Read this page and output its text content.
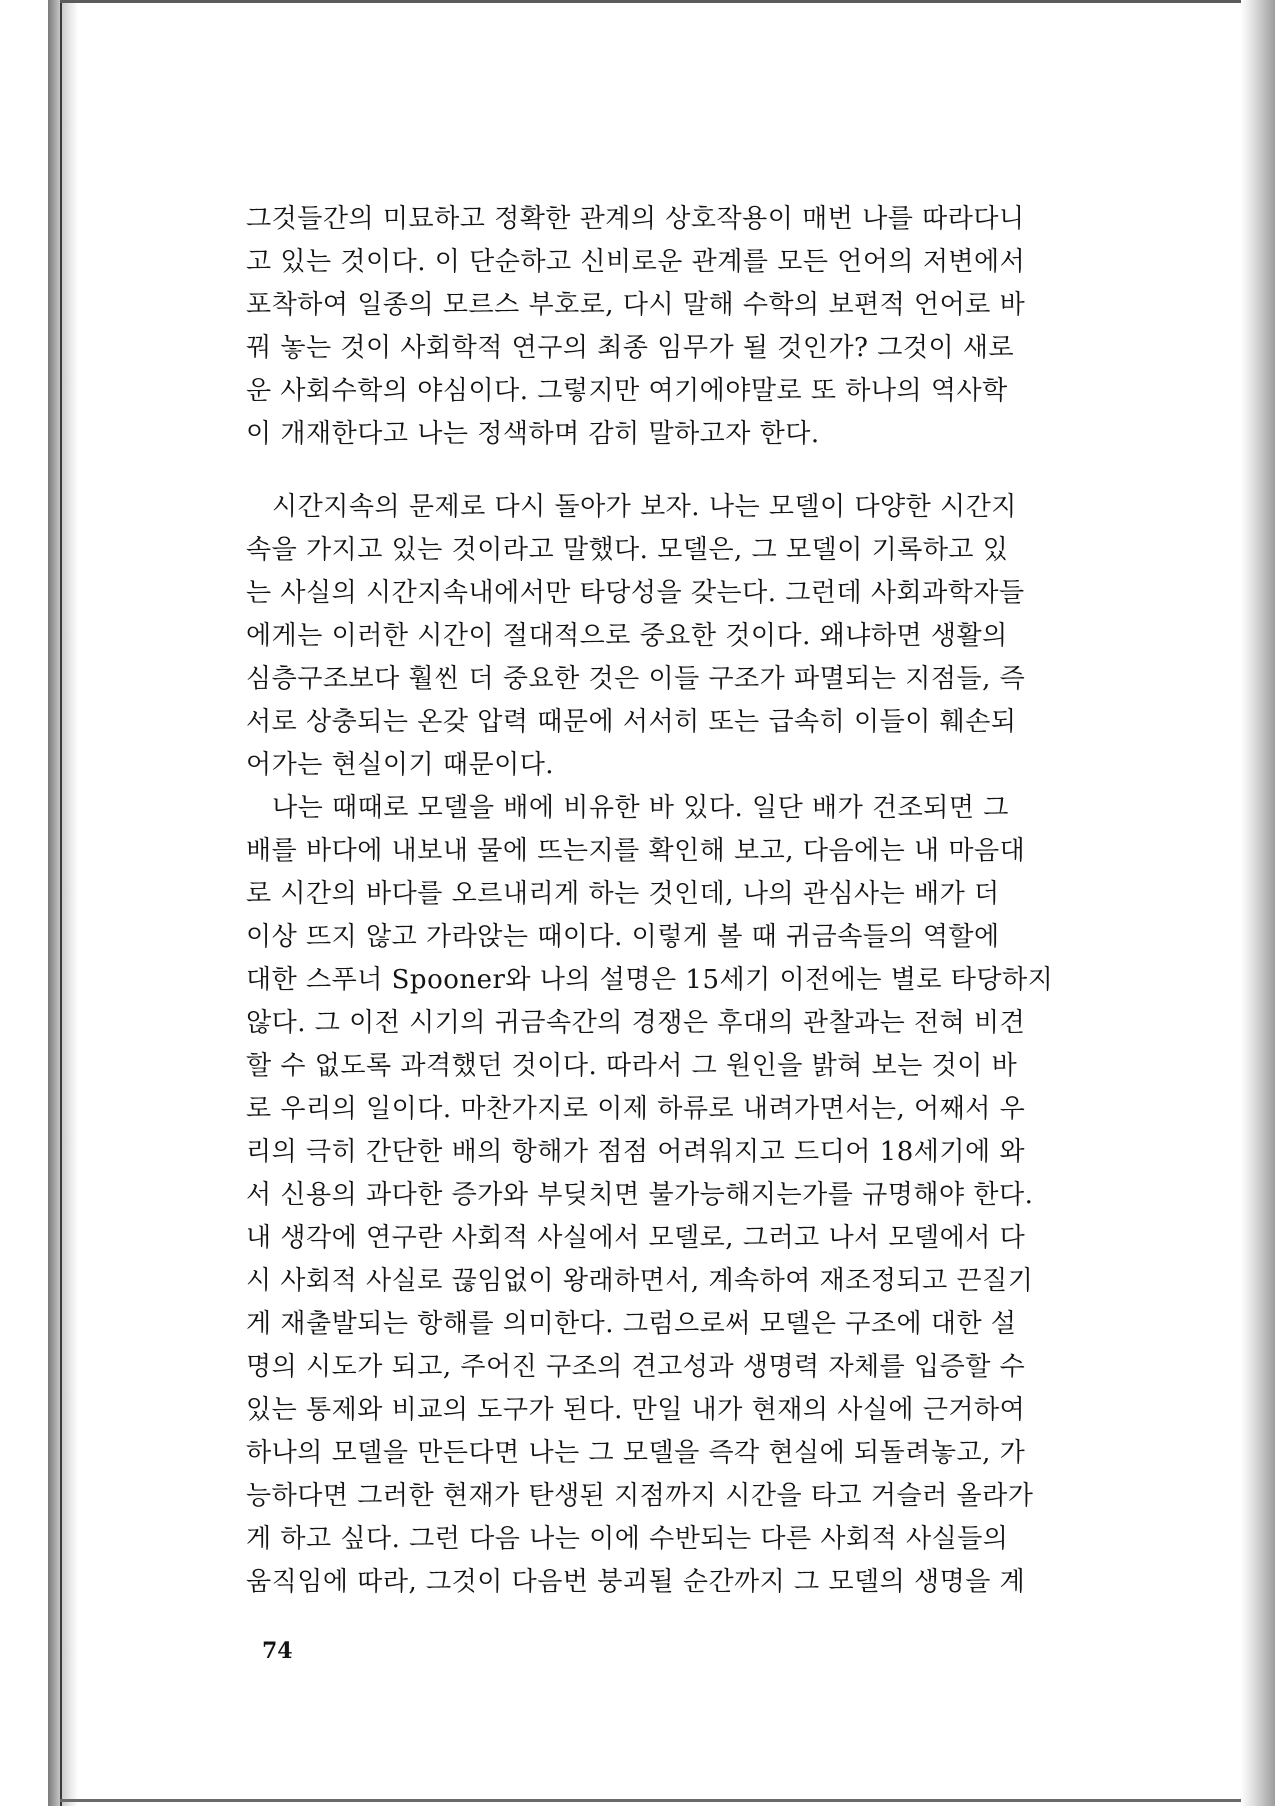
그것들간의 미묘하고 정확한 관계의 상호작용이 매번 나를 따라다니
고 있는 것이다. 이 단순하고 신비로운 관계를 모든 언어의 저변에서
포착하여 일종의 모르스 부호로, 다시 말해 수학의 보편적 언어로 바
꿔 놓는 것이 사회학적 연구의 최종 임무가 될 것인가? 그것이 새로
운 사회수학의 야심이다. 그렇지만 여기에야말로 또 하나의 역사학
이 개재한다고 나는 정색하며 감히 말하고자 한다.
시간지속의 문제로 다시 돌아가 보자. 나는 모델이 다양한 시간지
속을 가지고 있는 것이라고 말했다. 모델은, 그 모델이 기록하고 있
는 사실의 시간지속내에서만 타당성을 갖는다. 그런데 사회과학자들
에게는 이러한 시간이 절대적으로 중요한 것이다. 왜냐하면 생활의
심층구조보다 훨씬 더 중요한 것은 이들 구조가 파멸되는 지점들, 즉
서로 상충되는 온갖 압력 때문에 서서히 또는 급속히 이들이 훼손되
어가는 현실이기 때문이다.
나는 때때로 모델을 배에 비유한 바 있다. 일단 배가 건조되면 그
배를 바다에 내보내 물에 뜨는지를 확인해 보고, 다음에는 내 마음대
로 시간의 바다를 오르내리게 하는 것인데, 나의 관심사는 배가 더
이상 뜨지 않고 가라앉는 때이다. 이렇게 볼 때 귀금속들의 역할에
대한 스푸너 Spooner와 나의 설명은 15세기 이전에는 별로 타당하지
않다. 그 이전 시기의 귀금속간의 경쟁은 후대의 관찰과는 전혀 비견
할 수 없도록 과격했던 것이다. 따라서 그 원인을 밝혀 보는 것이 바
로 우리의 일이다. 마찬가지로 이제 하류로 내려가면서는, 어째서 우
리의 극히 간단한 배의 항해가 점점 어려워지고 드디어 18세기에 와
서 신용의 과다한 증가와 부딪치면 불가능해지는가를 규명해야 한다.
내 생각에 연구란 사회적 사실에서 모델로, 그러고 나서 모델에서 다
시 사회적 사실로 끊임없이 왕래하면서, 계속하여 재조정되고 끈질기
게 재출발되는 항해를 의미한다. 그럼으로써 모델은 구조에 대한 설
명의 시도가 되고, 주어진 구조의 견고성과 생명력 자체를 입증할 수
있는 통제와 비교의 도구가 된다. 만일 내가 현재의 사실에 근거하여
하나의 모델을 만든다면 나는 그 모델을 즉각 현실에 되돌려놓고, 가
능하다면 그러한 현재가 탄생된 지점까지 시간을 타고 거슬러 올라가
게 하고 싶다. 그런 다음 나는 이에 수반되는 다른 사회적 사실들의
움직임에 따라, 그것이 다음번 붕괴될 순간까지 그 모델의 생명을 계
74
